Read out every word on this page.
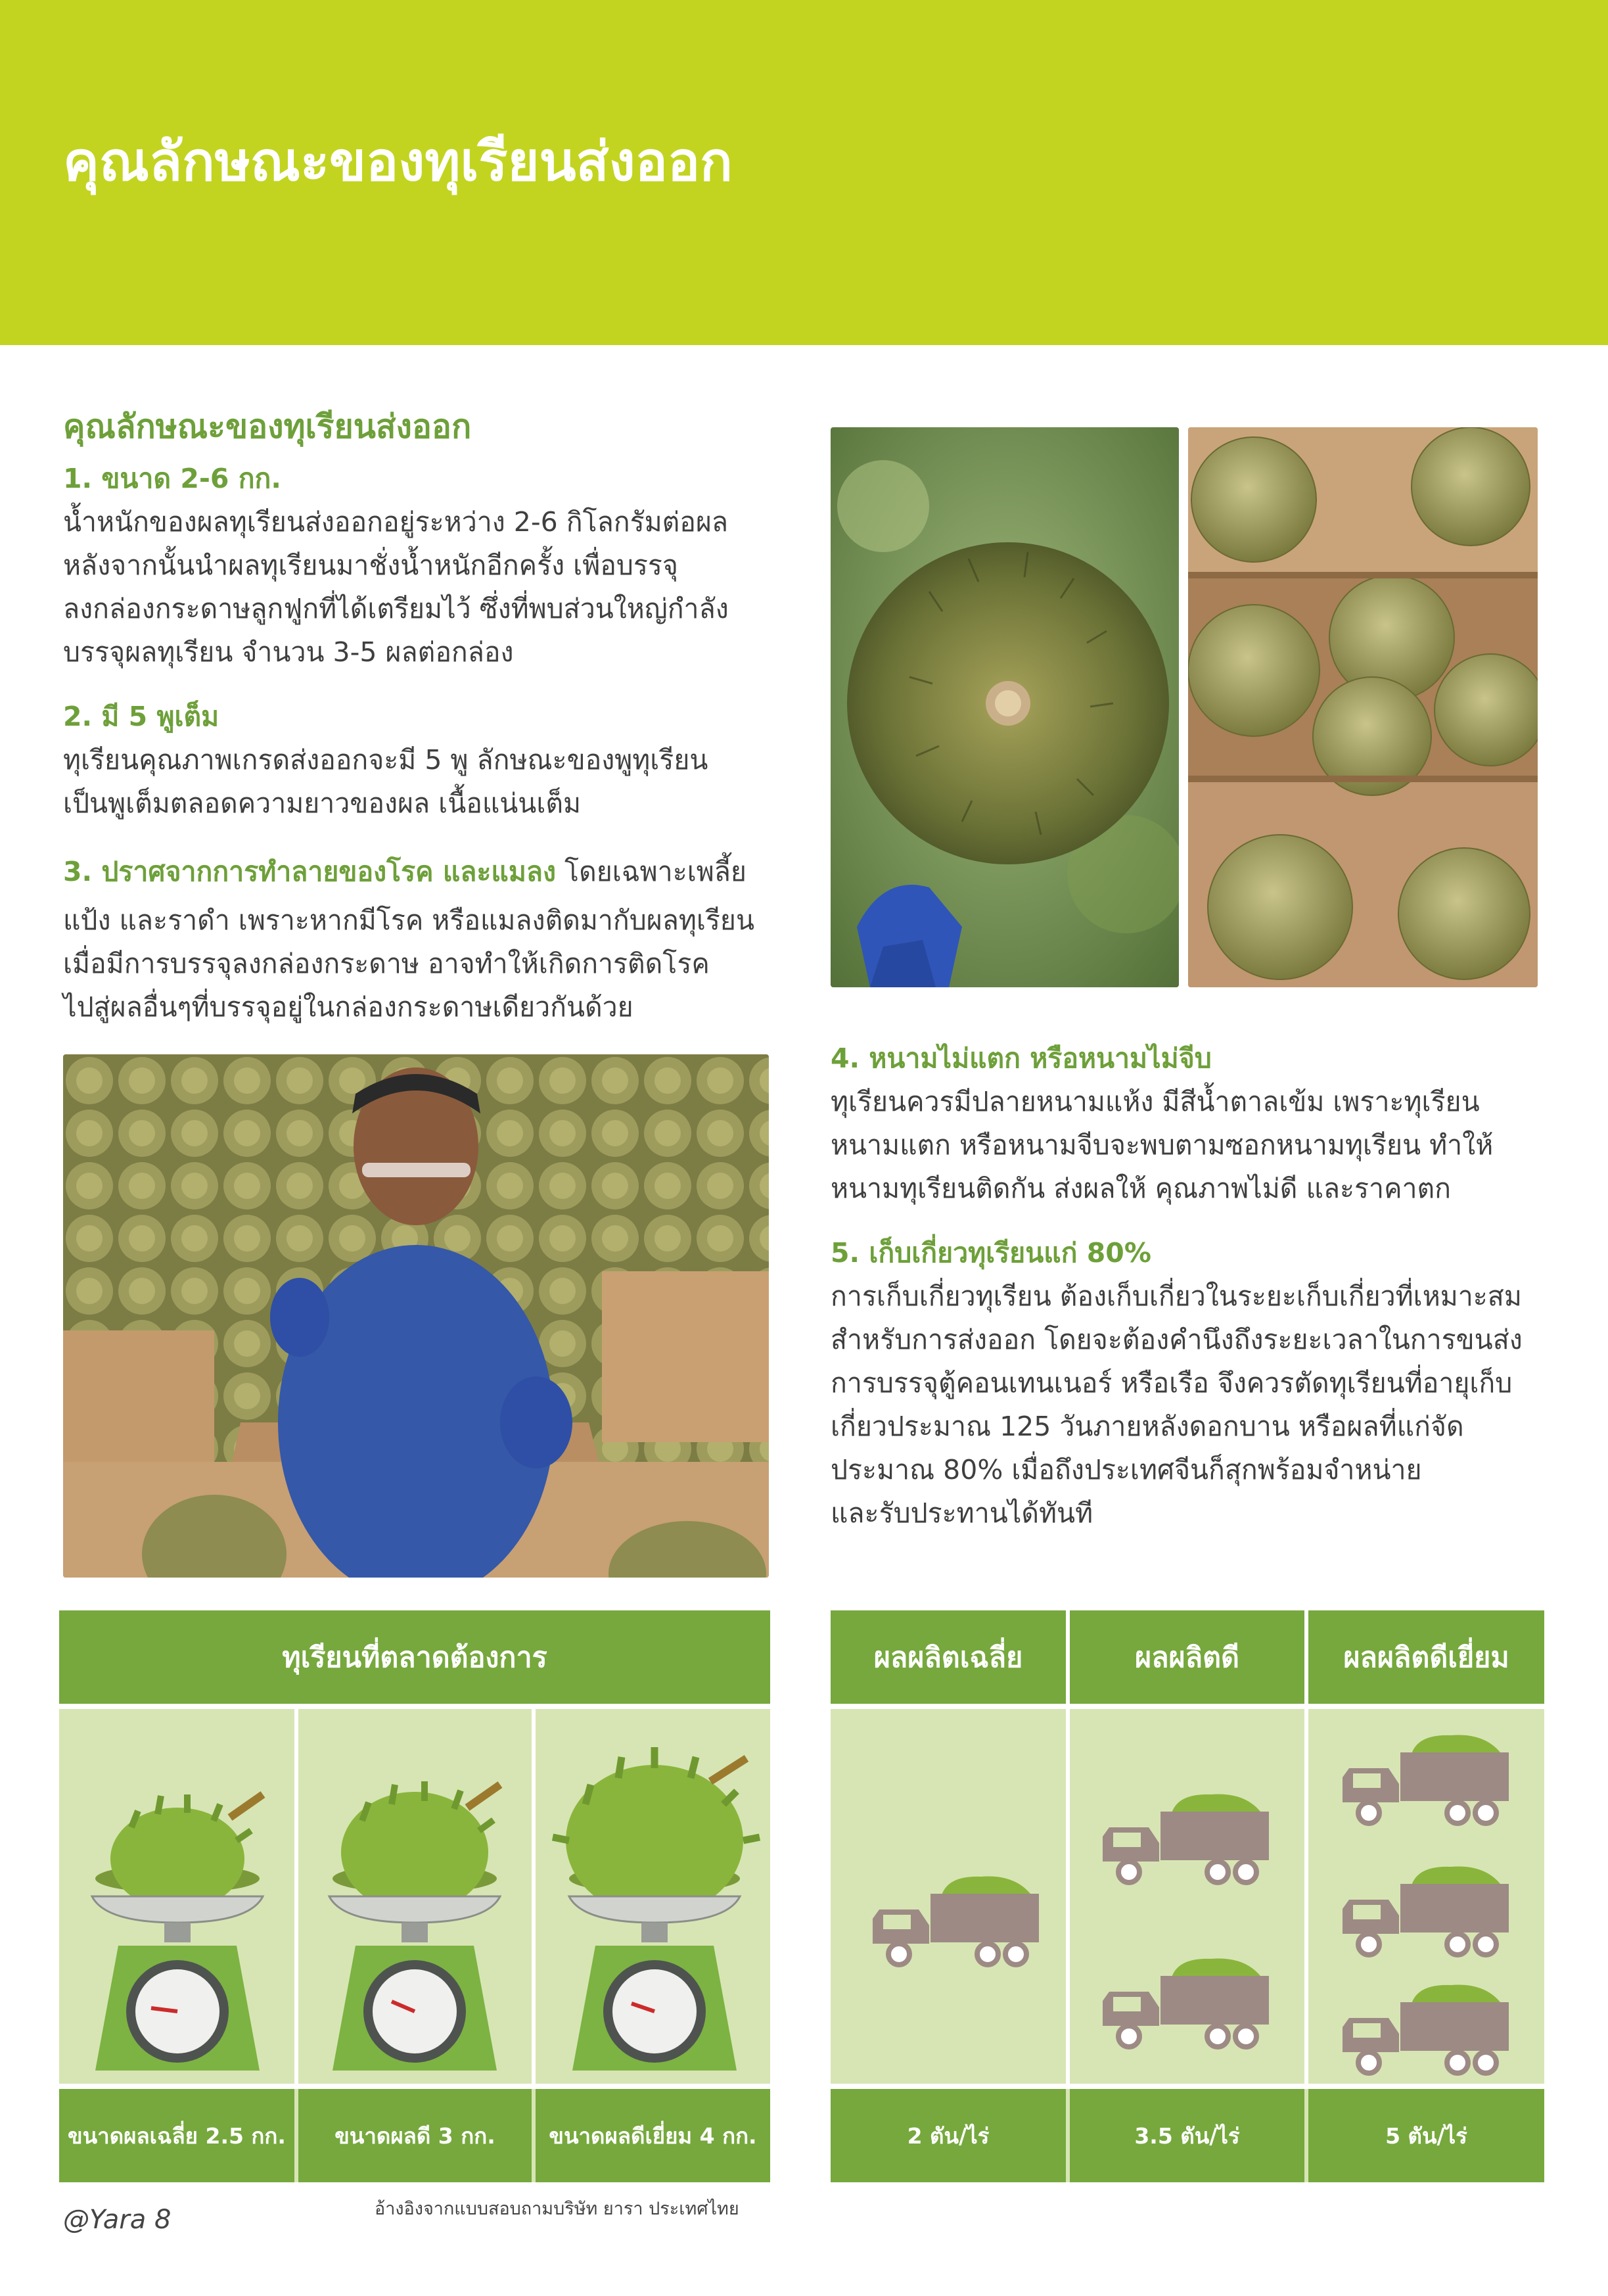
คุณลักษณะของทุเรียนส่งออก
คุณลักษณะของทุเรียนส่งออก

1. ขนาด 2-6 กก.

น้ำหนักของผลทุเรียนส่งออกอยู่ระหว่าง 2-6 กิโลกรัมต่อผล
หลังจากนั้นนำผลทุเรียนมาชั่งน้ำหนักอีกครั้ง เพื่อบรรจุ
ลงกล่องกระดาษลูกฟูกที่ได้เตรียมไว้ ซึ่งที่พบส่วนใหญ่กำลัง
บรรจุผลทุเรียน จำนวน 3-5 ผลต่อกล่อง

2. มี 5 พูเต็ม

ทุเรียนคุณภาพเกรดส่งออกจะมี 5 พู ลักษณะของพูทุเรียน
เป็นพูเต็มตลอดความยาวของผล เนื้อแน่นเต็ม

3. ปราศจากการทำลายของโรค และแมลง โดยเฉพาะเพลี้ย

แป้ง และราดำ เพราะหากมีโรค หรือแมลงติดมากับผลทุเรียน
เมื่อมีการบรรจุลงกล่องกระดาษ อาจทำให้เกิดการติดโรค
ไปสู่ผลอื่นๆที่บรรจุอยู่ในกล่องกระดาษเดียวกันด้วย

4. หนามไม่แตก หรือหนามไม่จีบ

ทุเรียนควรมีปลายหนามแห้ง มีสีน้ำตาลเข้ม เพราะทุเรียน
หนามแตก หรือหนามจีบจะพบตามซอกหนามทุเรียน ทำให้
หนามทุเรียนติดกัน ส่งผลให้ คุณภาพไม่ดี และราคาตก

5. เก็บเกี่ยวทุเรียนแก่ 80%

การเก็บเกี่ยวทุเรียน ต้องเก็บเกี่ยวในระยะเก็บเกี่ยวที่เหมาะสม
สำหรับการส่งออก โดยจะต้องคำนึงถึงระยะเวลาในการขนส่ง
การบรรจุตู้คอนเทนเนอร์ หรือเรือ จึงควรตัดทุเรียนที่อายุเก็บ
เกี่ยวประมาณ 125 วันภายหลังดอกบาน หรือผลที่แก่จัด
ประมาณ 80% เมื่อถึงประเทศจีนก็สุกพร้อมจำหน่าย
และรับประทานได้ทันที

ทุเรียนที่ตลาดต้องการ
ขนาดผลเฉลี่ย 2.5 กก.	ขนาดผลดี 3 กก.	ขนาดผลดีเยี่ยม 4 กก.
ผลผลิตเฉลี่ย	ผลผลิตดี	ผลผลิตดีเยี่ยม
2 ตัน/ไร่	3.5 ตัน/ไร่	5 ตัน/ไร่
อ้างอิงจากแบบสอบถามบริษัท ยารา ประเทศไทย
@Yara 8
